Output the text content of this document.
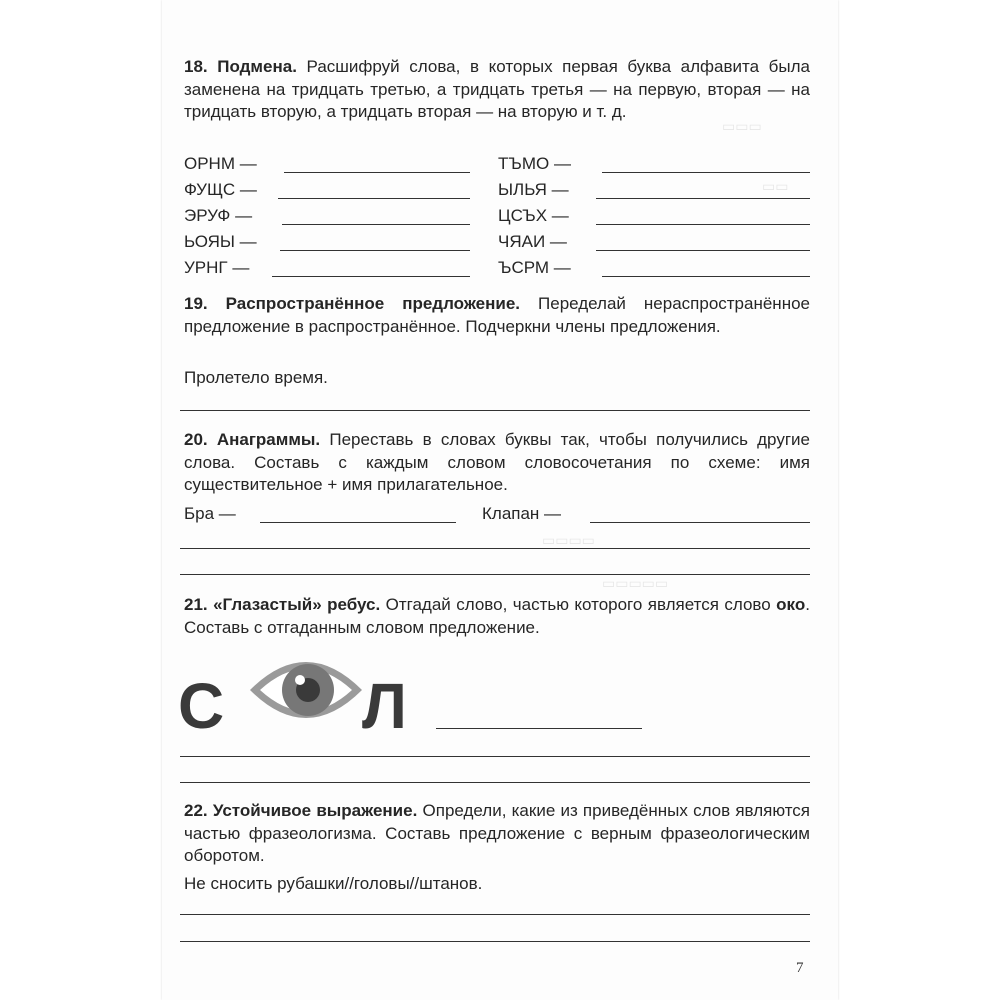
▭▭▭
▭▭
▭▭▭▭
▭▭▭▭▭

18. Подмена. Расшифруй слова, в которых первая буква алфавита была заменена на тридцать третью, а тридцать третья — на первую, вторая — на тридцать вторую, а тридцать вторая — на вторую и т. д.

ОРНМ —	ТЪМО —
ФУЩС —	ЫЛЬЯ —
ЭРУФ —	ЦСЪХ —
ЬОЯЫ —	ЧЯАИ —
УРНГ —	ЪСРМ —

19. Распространённое предложение. Переделай нераспространённое предложение в распространённое. Подчеркни члены предложения.

Пролетело время.

20. Анаграммы. Переставь в словах буквы так, чтобы получились другие слова. Составь с каждым словом словосочетания по схеме: имя существительное + имя прилагательное.

Бра —	Клапан —

21. «Глазастый» ребус. Отгадай слово, частью которого является слово око. Составь с отгаданным словом предложение.

С Л

22. Устойчивое выражение. Определи, какие из приведённых слов являются частью фразеологизма. Составь предложение с верным фразеологическим оборотом.

Не сносить рубашки//головы//штанов.
7
